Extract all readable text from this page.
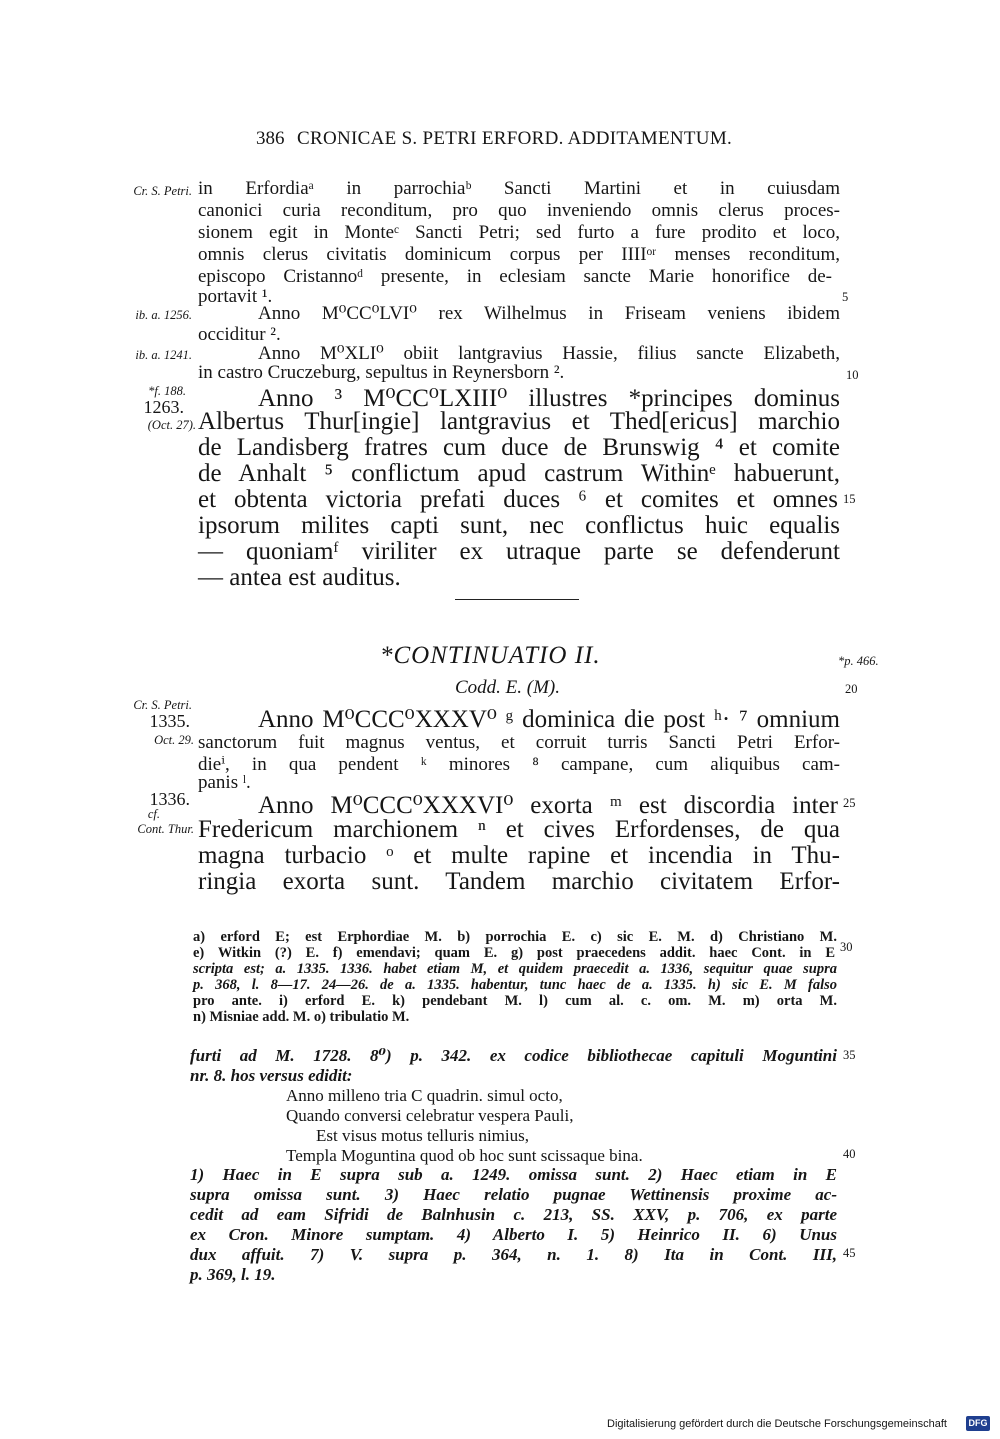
386 CRONICAE S. PETRI ERFORD. ADDITAMENTUM.
Cr. S. Petri.
ib. a. 1256.
ib. a. 1241.
*f. 188.
1263.
(Oct. 27).
*p. 466.
Cr. S. Petri.
1335.
Oct. 29.
1336.
cf.
Cont. Thur.
5
10
15
20
25
30
35
40
45
in Erfordiaᵃ in parrochiaᵇ Sancti Martini et in cuiusdam
canonici curia reconditum, pro quo inveniendo omnis clerus proces-
sionem egit in Monteᶜ Sancti Petri; sed furto a fure prodito et loco,
omnis clerus civitatis dominicum corpus per IIIIᵒʳ menses reconditum,
episcopo Cristannoᵈ presente, in eclesiam sancte Marie honorifice de-
portavit ¹.
Anno M⁰CC⁰LVI⁰ rex Wilhelmus in Friseam veniens ibidem
occiditur ².
Anno M⁰XLI⁰ obiit lantgravius Hassie, filius sancte Elizabeth,
in castro Cruczeburg, sepultus in Reynersborn ².
Anno ³ M⁰CC⁰LXIII⁰ illustres *principes dominus
Albertus Thur[ingie] lantgravius et Thed[ericus] marchio
de Landisberg fratres cum duce de Brunswig ⁴ et comite
de Anhalt ⁵ conflictum apud castrum Withinᵉ habuerunt,
et obtenta victoria prefati duces ⁶ et comites et omnes
ipsorum milites capti sunt, nec conflictus huic equalis
— quoniamᶠ viriliter ex utraque parte se defenderunt
— antea est auditus.
*CONTINUATIO II.
Codd. E. (M).
Anno M⁰CCC⁰XXXV⁰ ᵍ dominica die post ʰ· ⁷ omnium
sanctorum fuit magnus ventus, et corruit turris Sancti Petri Erfor-
dieⁱ, in qua pendent ᵏ minores ⁸ campane, cum aliquibus cam-
panis ˡ.
Anno M⁰CCC⁰XXXVI⁰ exorta ᵐ est discordia inter
Fredericum marchionem ⁿ et cives Erfordenses, de qua
magna turbacio ᵒ et multe rapine et incendia in Thu-
ringia exorta sunt. Tandem marchio civitatem Erfor-
a) erford E; est Erphordiae M. b) porrochia E. c) sic E. M. d) Christiano M.
e) Witkin (?) E. f) emendavi; quam E. g) post praecedens addit. haec Cont. in E
scripta est; a. 1335. 1336. habet etiam M, et quidem praecedit a. 1336, sequitur quae supra
p. 368, l. 8—17. 24—26. de a. 1335. habentur, tunc haec de a. 1335. h) sic E. M falso
pro ante. i) erford E. k) pendebant M. l) cum al. c. om. M. m) orta M.
n) Misniae add. M. o) tribulatio M.
furti ad M. 1728. 8⁰) p. 342. ex codice bibliothecae capituli Moguntini
nr. 8. hos versus edidit:
Anno milleno tria C quadrin. simul octo,
Quando conversi celebratur vespera Pauli,
Est visus motus telluris nimius,
Templa Moguntina quod ob hoc sunt scissaque bina.
1) Haec in E supra sub a. 1249. omissa sunt. 2) Haec etiam in E
supra omissa sunt. 3) Haec relatio pugnae Wettinensis proxime ac-
cedit ad eam Sifridi de Balnhusin c. 213, SS. XXV, p. 706, ex parte
ex Cron. Minore sumptam. 4) Alberto I. 5) Heinrico II. 6) Unus
dux affuit. 7) V. supra p. 364, n. 1. 8) Ita in Cont. III,
p. 369, l. 19.
Digitalisierung gefördert durch die Deutsche Forschungsgemeinschaft DFG
